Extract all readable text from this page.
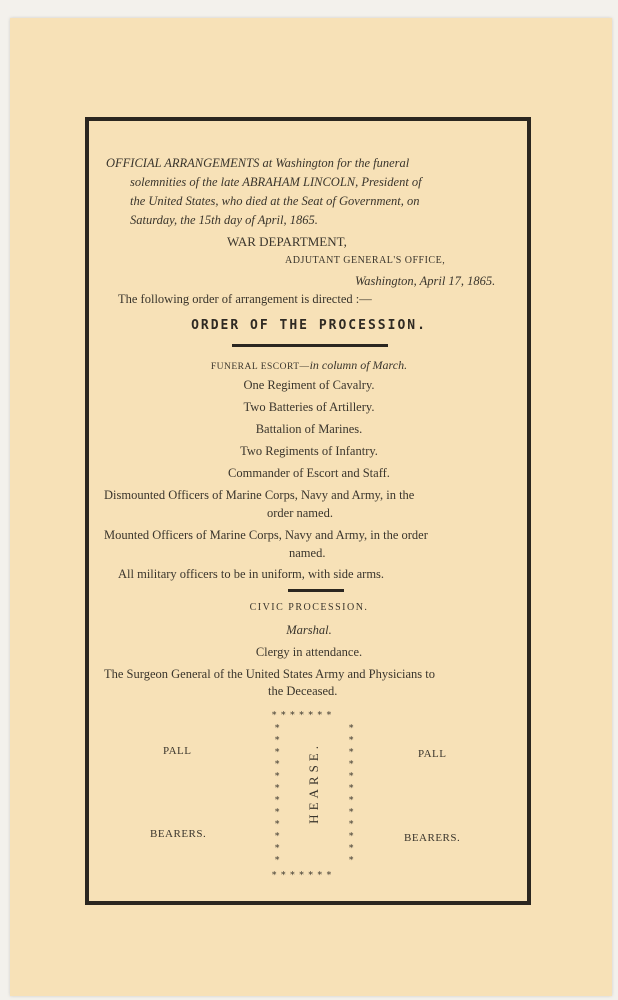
OFFICIAL ARRANGEMENTS at Washington for the funeral
solemnities of the late ABRAHAM LINCOLN, President of
the United States, who died at the Seat of Government, on
Saturday, the 15th day of April, 1865.
WAR DEPARTMENT,
ADJUTANT GENERAL'S OFFICE,
Washington, April 17, 1865.
The following order of arrangement is directed :—
ORDER OF THE PROCESSION.
FUNERAL ESCORT—in column of March.
One Regiment of Cavalry.
Two Batteries of Artillery.
Battalion of Marines.
Two Regiments of Infantry.
Commander of Escort and Staff.
Dismounted Officers of Marine Corps, Navy and Army, in the
order named.
Mounted Officers of Marine Corps, Navy and Army, in the order
named.
All military officers to be in uniform, with side arms.
CIVIC PROCESSION.
Marshal.
Clergy in attendance.
The Surgeon General of the United States Army and Physicians to
the Deceased.
PALL	PALL
BEARERS.	BEARERS.
∗∗∗∗∗∗∗
∗∗∗∗∗∗∗
∗
∗
∗
∗
∗
∗
∗
∗
∗
∗
∗
∗
∗
∗
∗
∗
∗
∗
∗
∗
∗
∗
∗
∗
HEARSE.
